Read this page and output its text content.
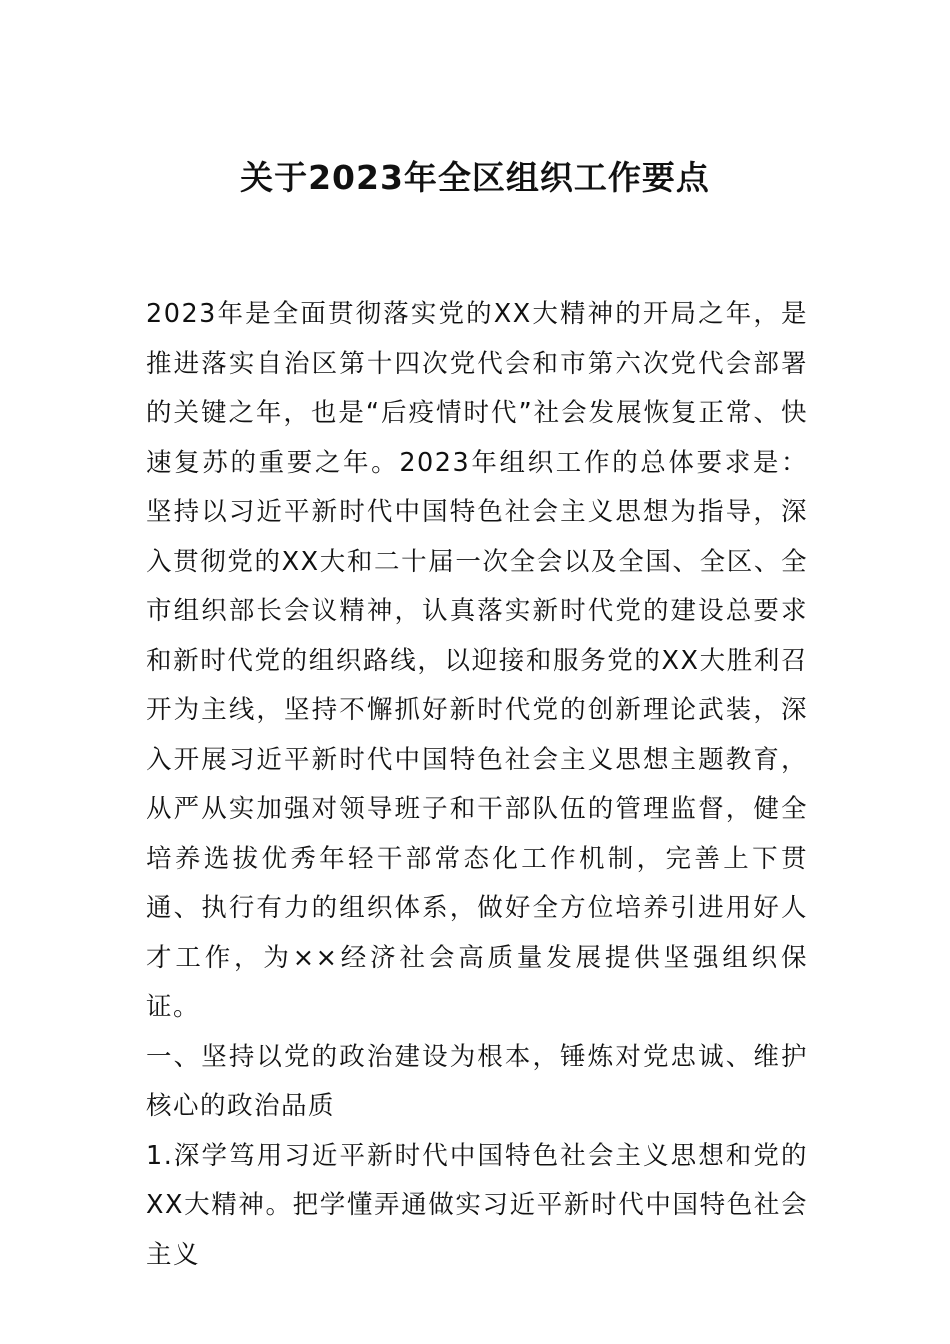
关于2023年全区组织工作要点

2023年是全面贯彻落实党的XX大精神的开局之年，是推进落实自治区第十四次党代会和市第六次党代会部署的关键之年，也是“后疫情时代”社会发展恢复正常、快速复苏的重要之年。2023年组织工作的总体要求是：坚持以习近平新时代中国特色社会主义思想为指导，深入贯彻党的XX大和二十届一次全会以及全国、全区、全市组织部长会议精神，认真落实新时代党的建设总要求和新时代党的组织路线，以迎接和服务党的XX大胜利召开为主线，坚持不懈抓好新时代党的创新理论武装，深入开展习近平新时代中国特色社会主义思想主题教育，从严从实加强对领导班子和干部队伍的管理监督，健全培养选拔优秀年轻干部常态化工作机制，完善上下贯通、执行有力的组织体系，做好全方位培养引进用好人才工作，为××经济社会高质量发展提供坚强组织保证。

一、坚持以党的政治建设为根本，锤炼对党忠诚、维护核心的政治品质

1.深学笃用习近平新时代中国特色社会主义思想和党的XX大精神。把学懂弄通做实习近平新时代中国特色社会主义
